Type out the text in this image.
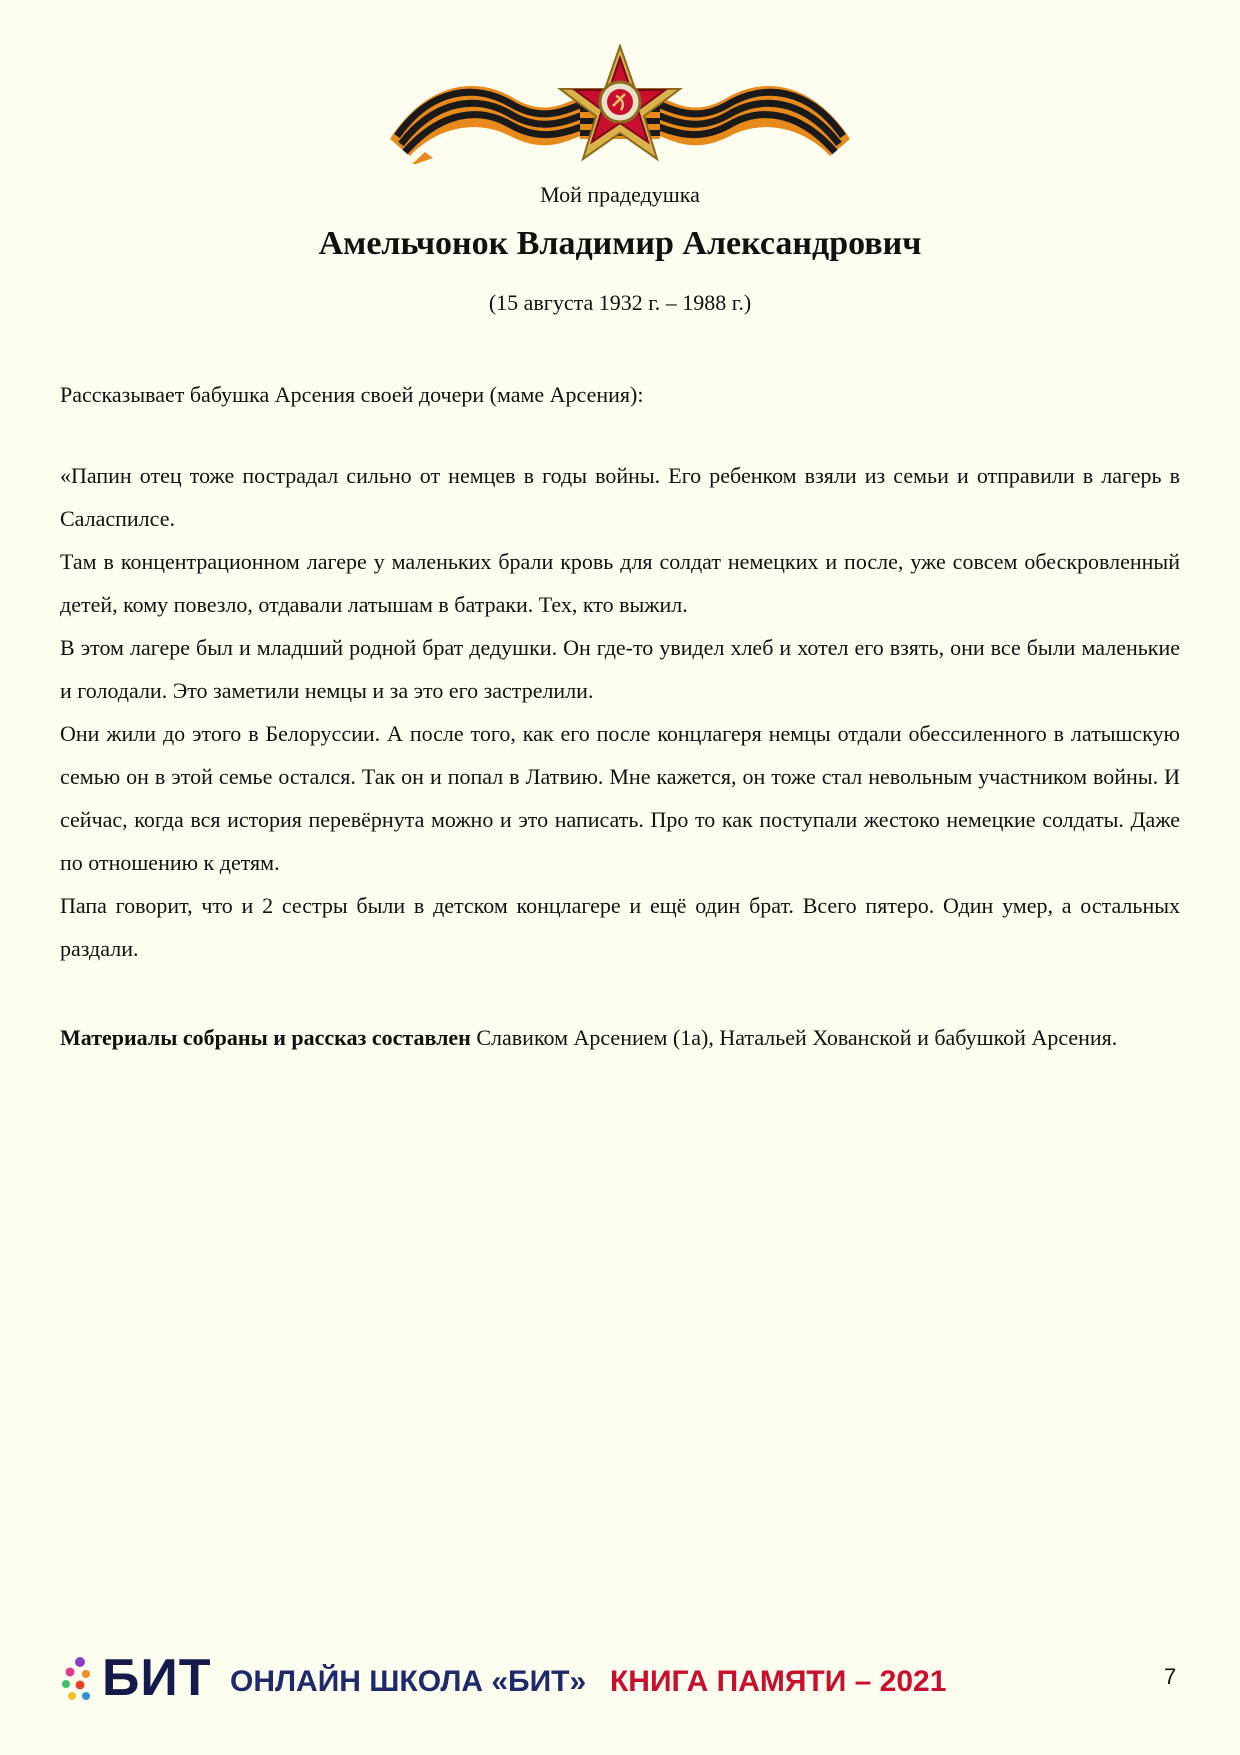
Мой прадедушка
Амельчонок Владимир Александрович
(15 августа 1932 г. – 1988 г.)
Рассказывает бабушка Арсения своей дочери (маме Арсения):

«Папин отец тоже пострадал сильно от немцев в годы войны. Его ребенком взяли из семьи и отправили в лагерь в Саласпилсе.

Там в концентрационном лагере у маленьких брали кровь для солдат немецких и после, уже совсем обескровленный детей, кому повезло, отдавали латышам в батраки. Тех, кто выжил.

В этом лагере был и младший родной брат дедушки. Он где-то увидел хлеб и хотел его взять, они все были маленькие и голодали. Это заметили немцы и за это его застрелили.

Они жили до этого в Белоруссии. А после того, как его после концлагеря немцы отдали обессиленного в латышскую семью он в этой семье остался. Так он и попал в Латвию. Мне кажется, он тоже стал невольным участником войны. И сейчас, когда вся история перевёрнута можно и это написать. Про то как поступали жестоко немецкие солдаты. Даже по отношению к детям.

Папа говорит, что и 2 сестры были в детском концлагере и ещё один брат. Всего пятеро. Один умер, а остальных раздали.

Материалы собраны и рассказ составлен Славиком Арсением (1а), Натальей Хованской и бабушкой Арсения.
БИТ ОНЛАЙН ШКОЛА «БИТ» КНИГА ПАМЯТИ – 2021	7
